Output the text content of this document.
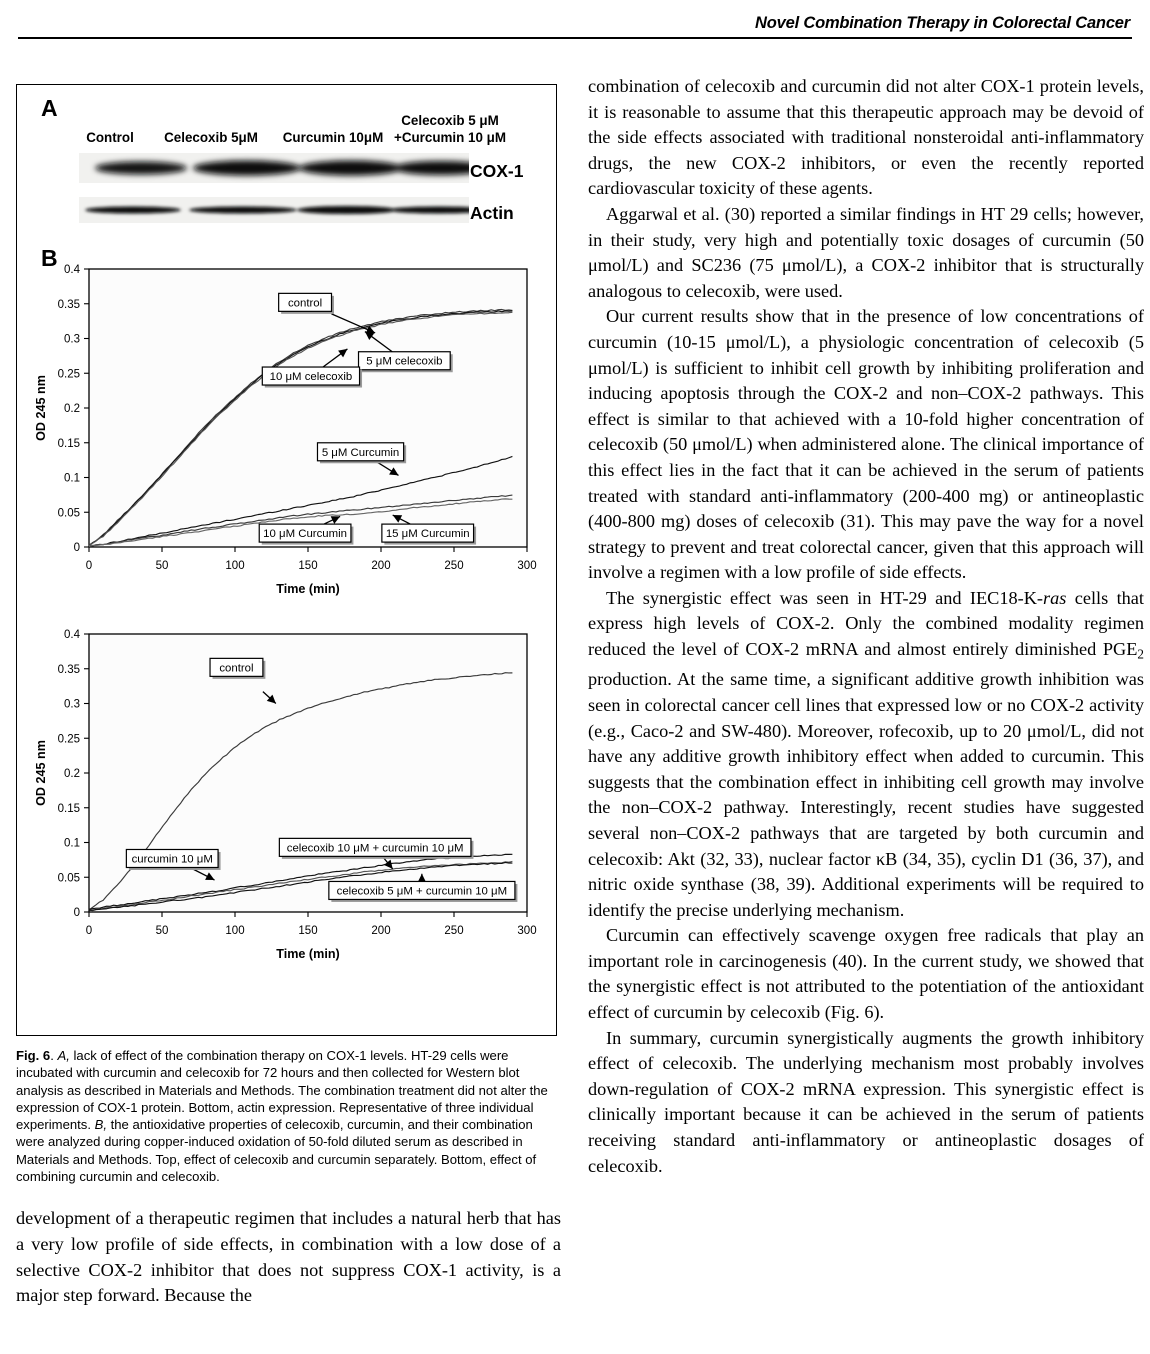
Novel Combination Therapy in Colorectal Cancer
A
Control	Celecoxib 5μM	Curcumin 10μM
Celecoxib 5 μM
+Curcumin 10 μM
COX-1
Actin
B
0
0.05
0.1
0.15
0.2
0.25
0.3
0.35
0.4
0	50	100	150	200	250	300
Time (min)
OD 245 nm
control
5 μM celecoxib
10 μM celecoxib
5 μM Curcumin
10 μM Curcumin	15 μM Curcumin
0
0.05
0.1
0.15
0.2
0.25
0.3
0.35
0.4
0	50	100	150	200	250	300
Time (min)
OD 245 nm
control
curcumin 10 μM
celecoxib 10 μM + curcumin 10 μM
celecoxib 5 μM + curcumin 10 μM
Fig. 6. A, lack of effect of the combination therapy on COX-1 levels. HT-29 cells were incubated with curcumin and celecoxib for 72 hours and then collected for Western blot analysis as described in Materials and Methods. The combination treatment did not alter the expression of COX-1 protein. Bottom, actin expression. Representative of three individual experiments. B, the antioxidative properties of celecoxib, curcumin, and their combination were analyzed during copper-induced oxidation of 50-fold diluted serum as described in Materials and Methods. Top, effect of celecoxib and curcumin separately. Bottom, effect of combining curcumin and celecoxib.

development of a therapeutic regimen that includes a natural herb that has a very low profile of side effects, in combination with a low dose of a selective COX-2 inhibitor that does not suppress COX-1 activity, is a major step forward. Because the

combination of celecoxib and curcumin did not alter COX-1 protein levels, it is reasonable to assume that this therapeutic approach may be devoid of the side effects associated with traditional nonsteroidal anti-inflammatory drugs, the new COX-2 inhibitors, or even the recently reported cardiovascular toxicity of these agents.

Aggarwal et al. (30) reported a similar findings in HT 29 cells; however, in their study, very high and potentially toxic dosages of curcumin (50 μmol/L) and SC236 (75 μmol/L), a COX-2 inhibitor that is structurally analogous to celecoxib, were used.

Our current results show that in the presence of low concentrations of curcumin (10-15 μmol/L), a physiologic concentration of celecoxib (5 μmol/L) is sufficient to inhibit cell growth by inhibiting proliferation and inducing apoptosis through the COX-2 and non–COX-2 pathways. This effect is similar to that achieved with a 10-fold higher concentration of celecoxib (50 μmol/L) when administered alone. The clinical importance of this effect lies in the fact that it can be achieved in the serum of patients treated with standard anti-inflammatory (200-400 mg) or antineoplastic (400-800 mg) doses of celecoxib (31). This may pave the way for a novel strategy to prevent and treat colorectal cancer, given that this approach will involve a regimen with a low profile of side effects.

The synergistic effect was seen in HT-29 and IEC18-K-ras cells that express high levels of COX-2. Only the combined modality regimen reduced the level of COX-2 mRNA and almost entirely diminished $PGE_2$ production. At the same time, a significant additive growth inhibition was seen in colorectal cancer cell lines that expressed low or no COX-2 activity (e.g., Caco-2 and SW-480). Moreover, rofecoxib, up to 20 μmol/L, did not have any additive growth inhibitory effect when added to curcumin. This suggests that the combination effect in inhibiting cell growth may involve the non–COX-2 pathway. Interestingly, recent studies have suggested several non–COX-2 pathways that are targeted by both curcumin and celecoxib: Akt (32, 33), nuclear factor κB (34, 35), cyclin D1 (36, 37), and nitric oxide synthase (38, 39). Additional experiments will be required to identify the precise underlying mechanism.

Curcumin can effectively scavenge oxygen free radicals that play an important role in carcinogenesis (40). In the current study, we showed that the synergistic effect is not attributed to the potentiation of the antioxidant effect of curcumin by celecoxib (Fig. 6).

In summary, curcumin synergistically augments the growth inhibitory effect of celecoxib. The underlying mechanism most probably involves down-regulation of COX-2 mRNA expression. This synergistic effect is clinically important because it can be achieved in the serum of patients receiving standard anti-inflammatory or antineoplastic dosages of celecoxib.
